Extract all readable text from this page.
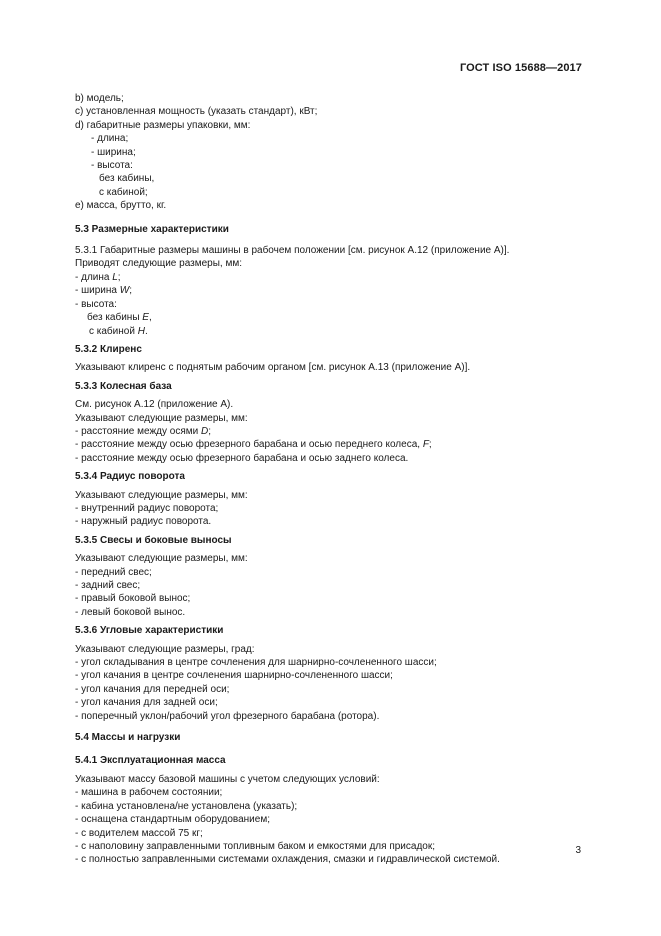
ГОСТ ISO 15688—2017
b) модель;
c) установленная мощность (указать стандарт), кВт;
d) габаритные размеры упаковки, мм:
- длина;
- ширина;
- высота:
без кабины,
с кабиной;
e) масса, брутто, кг.
5.3 Размерные характеристики
5.3.1 Габаритные размеры машины в рабочем положении [см. рисунок А.12 (приложение А)].
Приводят следующие размеры, мм:
- длина L;
- ширина W;
- высота:
без кабины E,
с кабиной H.
5.3.2 Клиренс
Указывают клиренс с поднятым рабочим органом [см. рисунок А.13 (приложение А)].
5.3.3 Колесная база
См. рисунок А.12 (приложение А).
Указывают следующие размеры, мм:
- расстояние между осями D;
- расстояние между осью фрезерного барабана и осью переднего колеса, F;
- расстояние между осью фрезерного барабана и осью заднего колеса.
5.3.4 Радиус поворота
Указывают следующие размеры, мм:
- внутренний радиус поворота;
- наружный радиус поворота.
5.3.5 Свесы и боковые выносы
Указывают следующие размеры, мм:
- передний свес;
- задний свес;
- правый боковой вынос;
- левый боковой вынос.
5.3.6 Угловые характеристики
Указывают следующие размеры, град:
- угол складывания в центре сочленения для шарнирно-сочлененного шасси;
- угол качания в центре сочленения шарнирно-сочлененного шасси;
- угол качания для передней оси;
- угол качания для задней оси;
- поперечный уклон/рабочий угол фрезерного барабана (ротора).
5.4 Массы и нагрузки
5.4.1 Эксплуатационная масса
Указывают массу базовой машины с учетом следующих условий:
- машина в рабочем состоянии;
- кабина установлена/не установлена (указать);
- оснащена стандартным оборудованием;
- с водителем массой 75 кг;
- с наполовину заправленными топливным баком и емкостями для присадок;
- с полностью заправленными системами охлаждения, смазки и гидравлической системой.
3
